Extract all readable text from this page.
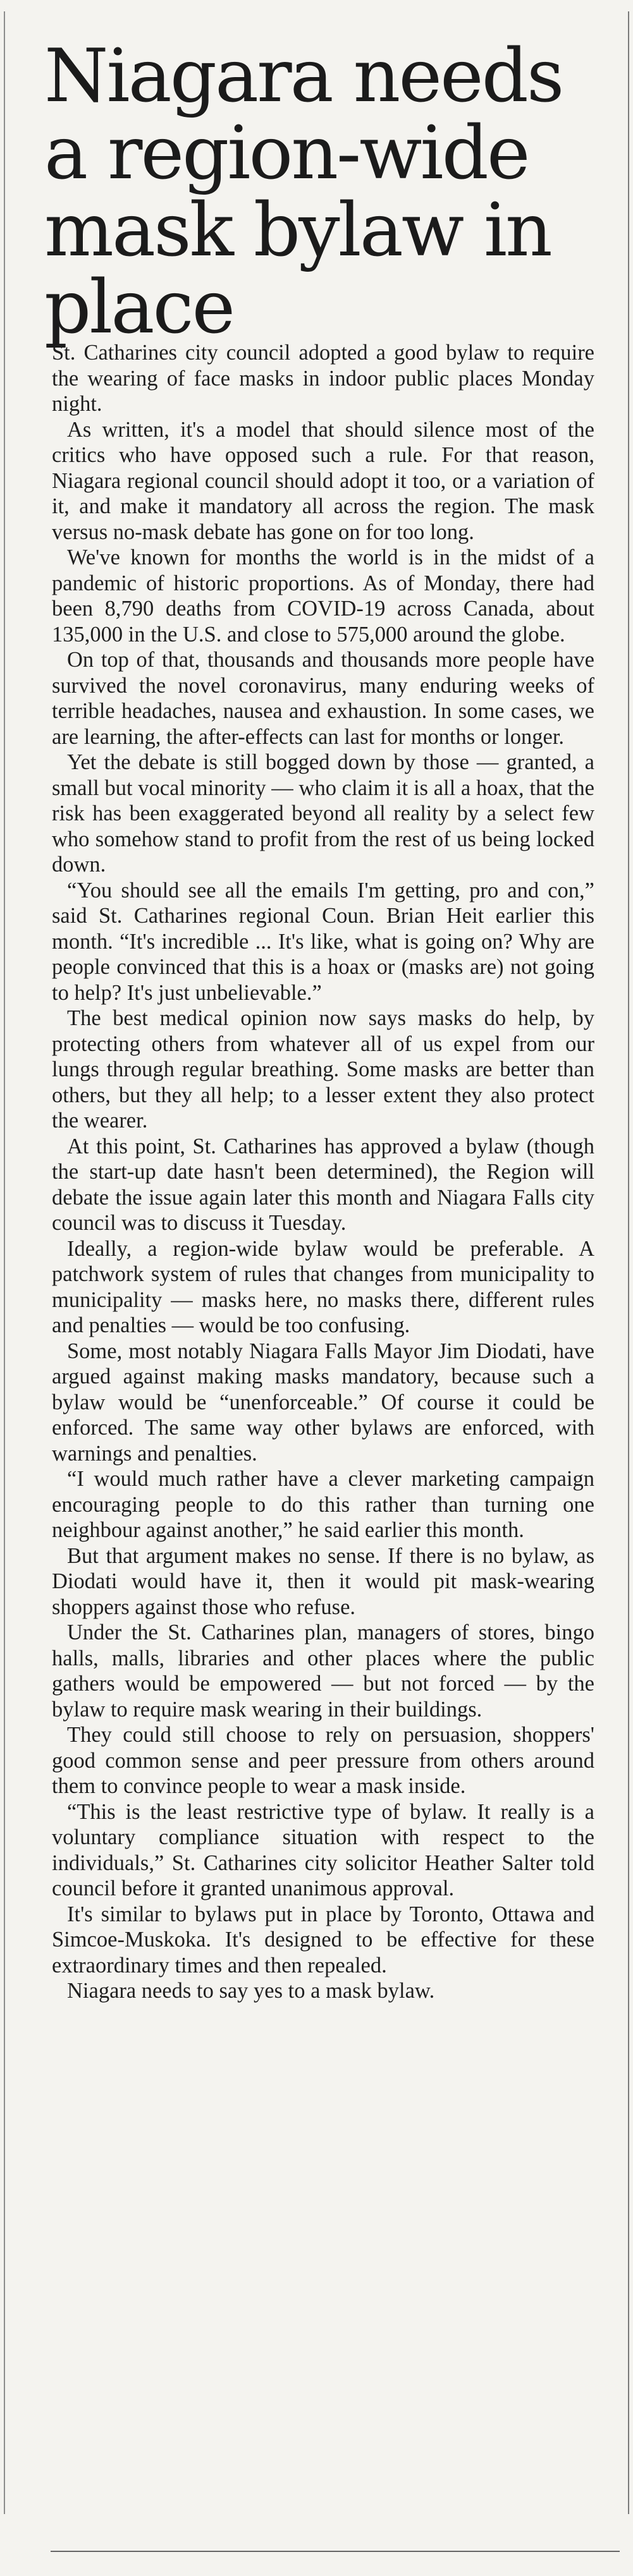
Niagara needs a region-wide mask bylaw in place

St. Catharines city council adopted a good bylaw to require the wearing of face masks in indoor public places Monday night.

As written, it's a model that should silence most of the critics who have opposed such a rule. For that reason, Niagara regional council should adopt it too, or a variation of it, and make it mandatory all across the region. The mask versus no-mask debate has gone on for too long.

We've known for months the world is in the midst of a pandemic of historic proportions. As of Monday, there had been 8,790 deaths from COVID-19 across Canada, about 135,000 in the U.S. and close to 575,000 around the globe.

On top of that, thousands and thousands more people have survived the novel coronavirus, many enduring weeks of terrible headaches, nausea and exhaustion. In some cases, we are learning, the after-effects can last for months or longer.

Yet the debate is still bogged down by those — granted, a small but vocal minority — who claim it is all a hoax, that the risk has been exaggerated beyond all reality by a select few who somehow stand to profit from the rest of us being locked down.

“You should see all the emails I'm getting, pro and con,” said St. Catharines regional Coun. Brian Heit earlier this month. “It's incredible ... It's like, what is going on? Why are people convinced that this is a hoax or (masks are) not going to help? It's just unbelievable.”

The best medical opinion now says masks do help, by protecting others from whatever all of us expel from our lungs through regular breathing. Some masks are better than others, but they all help; to a lesser extent they also protect the wearer.

At this point, St. Catharines has approved a bylaw (though the start-up date hasn't been determined), the Region will debate the issue again later this month and Niagara Falls city council was to discuss it Tuesday.

Ideally, a region-wide bylaw would be preferable. A patchwork system of rules that changes from municipality to municipality — masks here, no masks there, different rules and penalties — would be too confusing.

Some, most notably Niagara Falls Mayor Jim Diodati, have argued against making masks mandatory, because such a bylaw would be “unenforceable.” Of course it could be enforced. The same way other bylaws are enforced, with warnings and penalties.

“I would much rather have a clever marketing campaign encouraging people to do this rather than turning one neighbour against another,” he said earlier this month.

But that argument makes no sense. If there is no bylaw, as Diodati would have it, then it would pit mask-wearing shoppers against those who refuse.

Under the St. Catharines plan, managers of stores, bingo halls, malls, libraries and other places where the public gathers would be empowered — but not forced — by the bylaw to require mask wearing in their buildings.

They could still choose to rely on persuasion, shoppers' good common sense and peer pressure from others around them to convince people to wear a mask inside.

“This is the least restrictive type of bylaw. It really is a voluntary compliance situation with respect to the individuals,” St. Catharines city solicitor Heather Salter told council before it granted unanimous approval.

It's similar to bylaws put in place by Toronto, Ottawa and Simcoe-Muskoka. It's designed to be effective for these extraordinary times and then repealed.

Niagara needs to say yes to a mask bylaw.
